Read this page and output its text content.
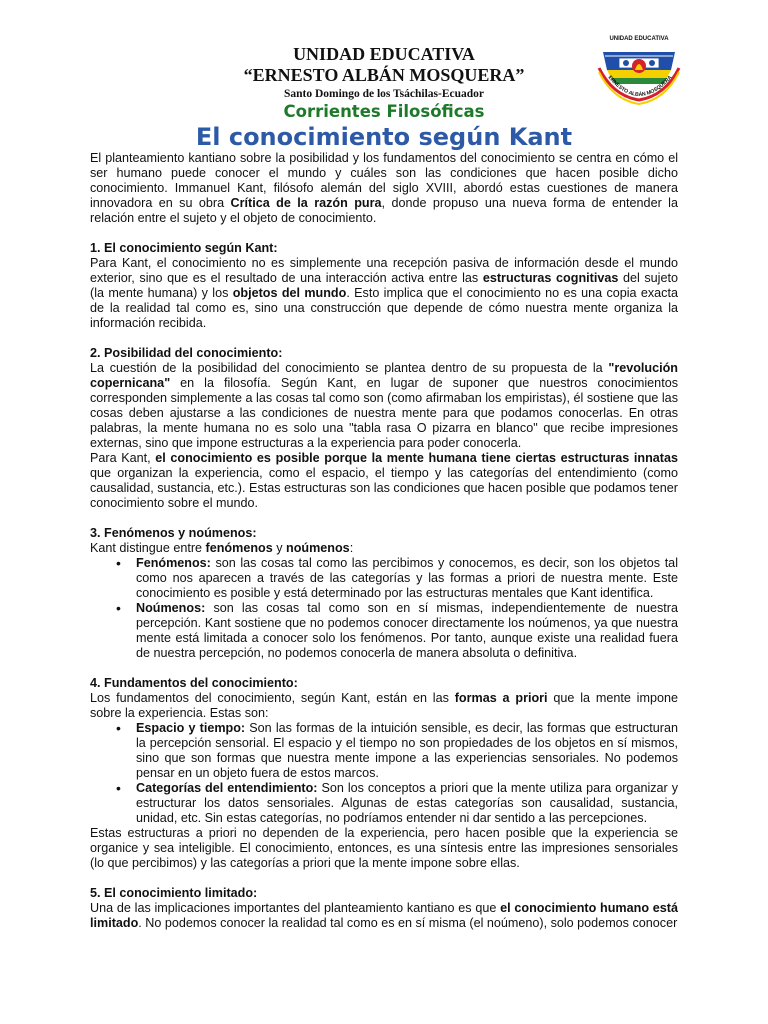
UNIDAD EDUCATIVA
“ERNESTO ALBÁN MOSQUERA”
Santo Domingo de los Tsáchilas-Ecuador
Corrientes Filosóficas
El conocimiento según Kant
UNIDAD EDUCATIVA
ERNESTO ALBÁN MOSQUERA

El planteamiento kantiano sobre la posibilidad y los fundamentos del conocimiento se centra en cómo el ser humano puede conocer el mundo y cuáles son las condiciones que hacen posible dicho conocimiento. Immanuel Kant, filósofo alemán del siglo XVIII, abordó estas cuestiones de manera innovadora en su obra Crítica de la razón pura, donde propuso una nueva forma de entender la relación entre el sujeto y el objeto de conocimiento.

1. El conocimiento según Kant:

Para Kant, el conocimiento no es simplemente una recepción pasiva de información desde el mundo exterior, sino que es el resultado de una interacción activa entre las estructuras cognitivas del sujeto (la mente humana) y los objetos del mundo. Esto implica que el conocimiento no es una copia exacta de la realidad tal como es, sino una construcción que depende de cómo nuestra mente organiza la información recibida.

2. Posibilidad del conocimiento:

La cuestión de la posibilidad del conocimiento se plantea dentro de su propuesta de la "revolución copernicana" en la filosofía. Según Kant, en lugar de suponer que nuestros conocimientos corresponden simplemente a las cosas tal como son (como afirmaban los empiristas), él sostiene que las cosas deben ajustarse a las condiciones de nuestra mente para que podamos conocerlas. En otras palabras, la mente humana no es solo una "tabla rasa O pizarra en blanco" que recibe impresiones externas, sino que impone estructuras a la experiencia para poder conocerla.

Para Kant, el conocimiento es posible porque la mente humana tiene ciertas estructuras innatas que organizan la experiencia, como el espacio, el tiempo y las categorías del entendimiento (como causalidad, sustancia, etc.). Estas estructuras son las condiciones que hacen posible que podamos tener conocimiento sobre el mundo.

3. Fenómenos y noúmenos:

Kant distingue entre fenómenos y noúmenos:

• Fenómenos: son las cosas tal como las percibimos y conocemos, es decir, son los objetos tal como nos aparecen a través de las categorías y las formas a priori de nuestra mente. Este conocimiento es posible y está determinado por las estructuras mentales que Kant identifica.
• Noúmenos: son las cosas tal como son en sí mismas, independientemente de nuestra percepción. Kant sostiene que no podemos conocer directamente los noúmenos, ya que nuestra mente está limitada a conocer solo los fenómenos. Por tanto, aunque existe una realidad fuera de nuestra percepción, no podemos conocerla de manera absoluta o definitiva.
4. Fundamentos del conocimiento:

Los fundamentos del conocimiento, según Kant, están en las formas a priori que la mente impone sobre la experiencia. Estas son:

• Espacio y tiempo: Son las formas de la intuición sensible, es decir, las formas que estructuran la percepción sensorial. El espacio y el tiempo no son propiedades de los objetos en sí mismos, sino que son formas que nuestra mente impone a las experiencias sensoriales. No podemos pensar en un objeto fuera de estos marcos.
• Categorías del entendimiento: Son los conceptos a priori que la mente utiliza para organizar y estructurar los datos sensoriales. Algunas de estas categorías son causalidad, sustancia, unidad, etc. Sin estas categorías, no podríamos entender ni dar sentido a las percepciones.

Estas estructuras a priori no dependen de la experiencia, pero hacen posible que la experiencia se organice y sea inteligible. El conocimiento, entonces, es una síntesis entre las impresiones sensoriales (lo que percibimos) y las categorías a priori que la mente impone sobre ellas.

5. El conocimiento limitado:

Una de las implicaciones importantes del planteamiento kantiano es que el conocimiento humano está limitado. No podemos conocer la realidad tal como es en sí misma (el noúmeno), solo podemos conocer
